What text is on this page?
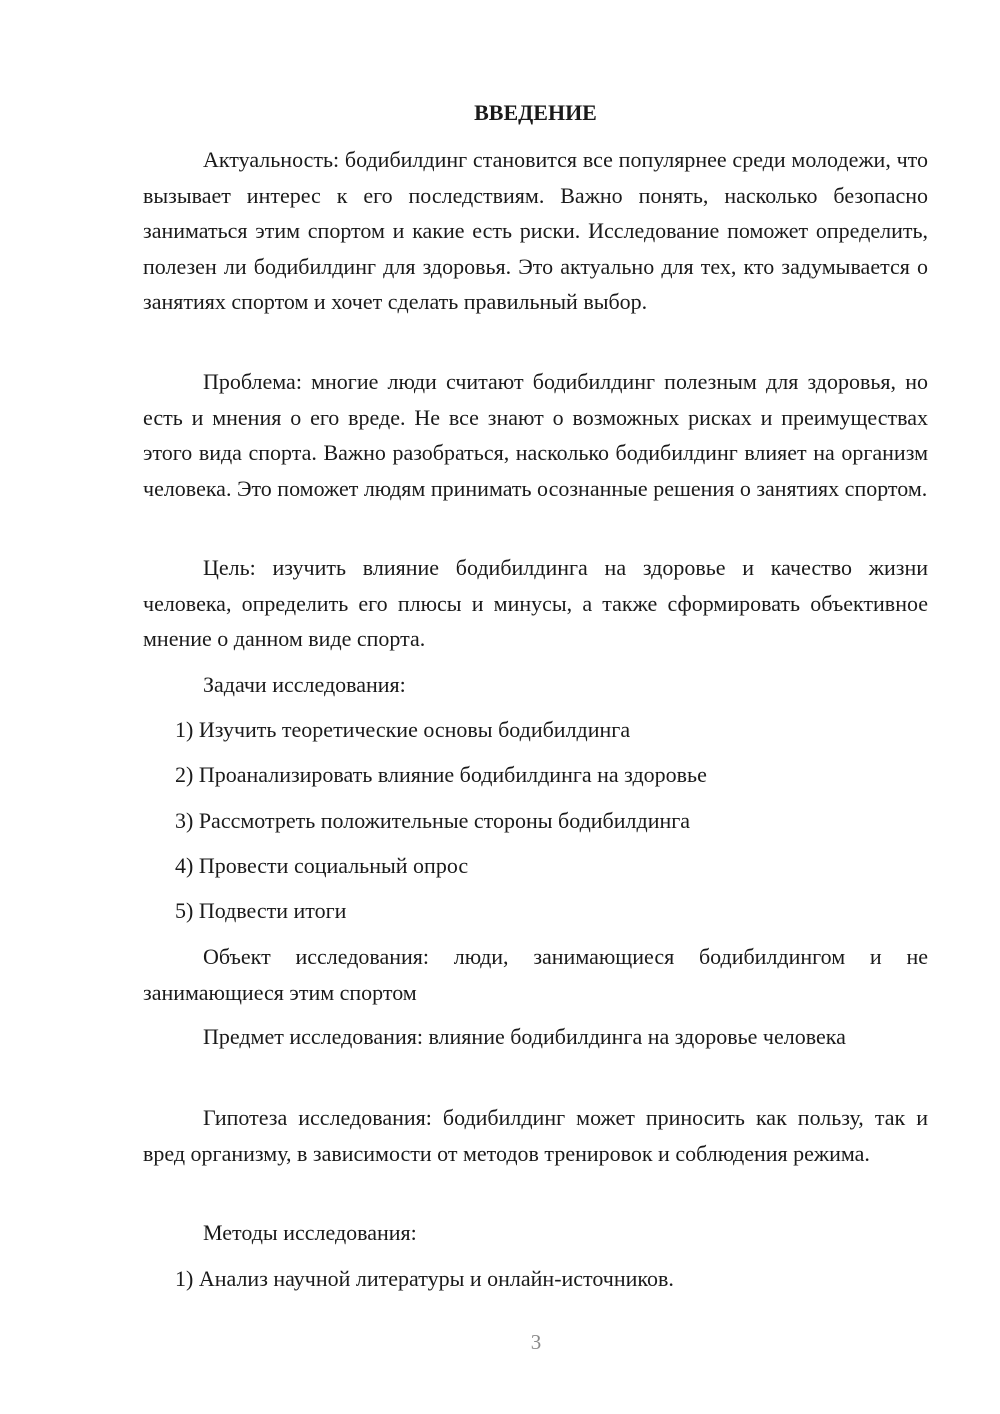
ВВЕДЕНИЕ

Актуальность: бодибилдинг становится все популярнее среди молодежи, что вызывает интерес к его последствиям. Важно понять, насколько безопасно заниматься этим спортом и какие есть риски. Исследование поможет определить, полезен ли бодибилдинг для здоровья. Это актуально для тех, кто задумывается о занятиях спортом и хочет сделать правильный выбор.

Проблема: многие люди считают бодибилдинг полезным для здоровья, но есть и мнения о его вреде. Не все знают о возможных рисках и преимуществах этого вида спорта. Важно разобраться, насколько бодибилдинг влияет на организм человека. Это поможет людям принимать осознанные решения о занятиях спортом.

Цель: изучить влияние бодибилдинга на здоровье и качество жизни человека, определить его плюсы и минусы, а также сформировать объективное мнение о данном виде спорта.

Задачи исследования:

1) Изучить теоретические основы бодибилдинга

2) Проанализировать влияние бодибилдинга на здоровье

3) Рассмотреть положительные стороны бодибилдинга

4) Провести социальный опрос

5) Подвести итоги

Объект исследования: люди, занимающиеся бодибилдингом и не занимающиеся этим спортом

Предмет исследования: влияние бодибилдинга на здоровье человека

Гипотеза исследования: бодибилдинг может приносить как пользу, так и вред организму, в зависимости от методов тренировок и соблюдения режима.

Методы исследования:

1) Анализ научной литературы и онлайн-источников.

3
